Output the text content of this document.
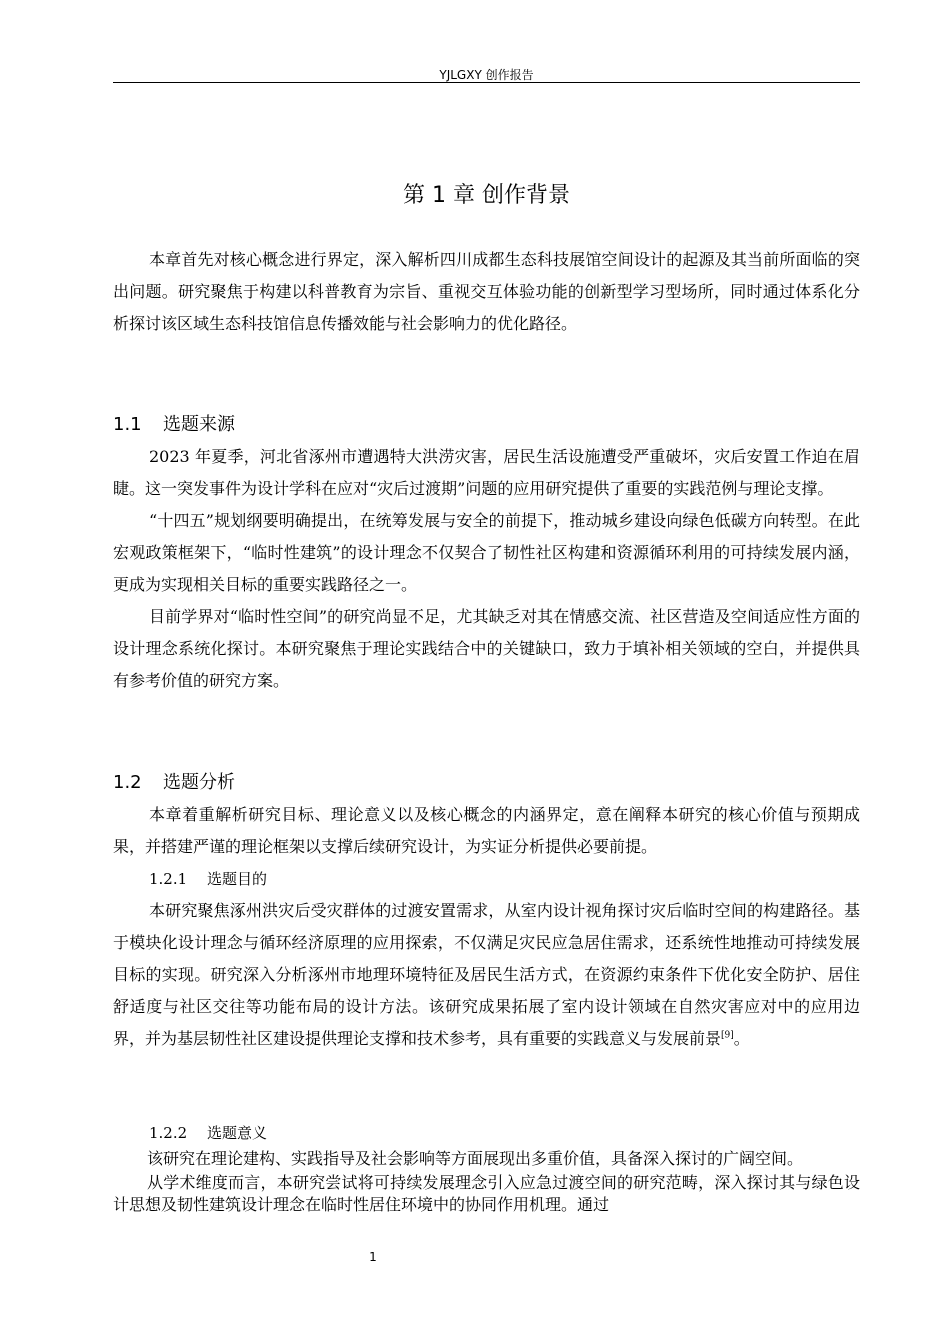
YJLGXY 创作报告
第 1 章 创作背景

本章首先对核心概念进行界定，深入解析四川成都生态科技展馆空间设计的起源及其当前所面临的突出问题。研究聚焦于构建以科普教育为宗旨、重视交互体验功能的创新型学习型场所，同时通过体系化分析探讨该区域生态科技馆信息传播效能与社会影响力的优化路径。

1.1 选题来源

2023 年夏季，河北省涿州市遭遇特大洪涝灾害，居民生活设施遭受严重破坏，灾后安置工作迫在眉睫。这一突发事件为设计学科在应对“灾后过渡期”问题的应用研究提供了重要的实践范例与理论支撑。

“十四五”规划纲要明确提出，在统筹发展与安全的前提下，推动城乡建设向绿色低碳方向转型。在此宏观政策框架下，“临时性建筑”的设计理念不仅契合了韧性社区构建和资源循环利用的可持续发展内涵，更成为实现相关目标的重要实践路径之一。

目前学界对“临时性空间”的研究尚显不足，尤其缺乏对其在情感交流、社区营造及空间适应性方面的设计理念系统化探讨。本研究聚焦于理论实践结合中的关键缺口，致力于填补相关领域的空白，并提供具有参考价值的研究方案。

1.2 选题分析

本章着重解析研究目标、理论意义以及核心概念的内涵界定，意在阐释本研究的核心价值与预期成果，并搭建严谨的理论框架以支撑后续研究设计，为实证分析提供必要前提。

1.2.1 选题目的

本研究聚焦涿州洪灾后受灾群体的过渡安置需求，从室内设计视角探讨灾后临时空间的构建路径。基于模块化设计理念与循环经济原理的应用探索，不仅满足灾民应急居住需求，还系统性地推动可持续发展目标的实现。研究深入分析涿州市地理环境特征及居民生活方式，在资源约束条件下优化安全防护、居住舒适度与社区交往等功能布局的设计方法。该研究成果拓展了室内设计领域在自然灾害应对中的应用边界，并为基层韧性社区建设提供理论支撑和技术参考，具有重要的实践意义与发展前景[9]。

1.2.2 选题意义

该研究在理论建构、实践指导及社会影响等方面展现出多重价值，具备深入探讨的广阔空间。

从学术维度而言，本研究尝试将可持续发展理念引入应急过渡空间的研究范畴，深入探讨其与绿色设计思想及韧性建筑设计理念在临时性居住环境中的协同作用机理。通过

1
